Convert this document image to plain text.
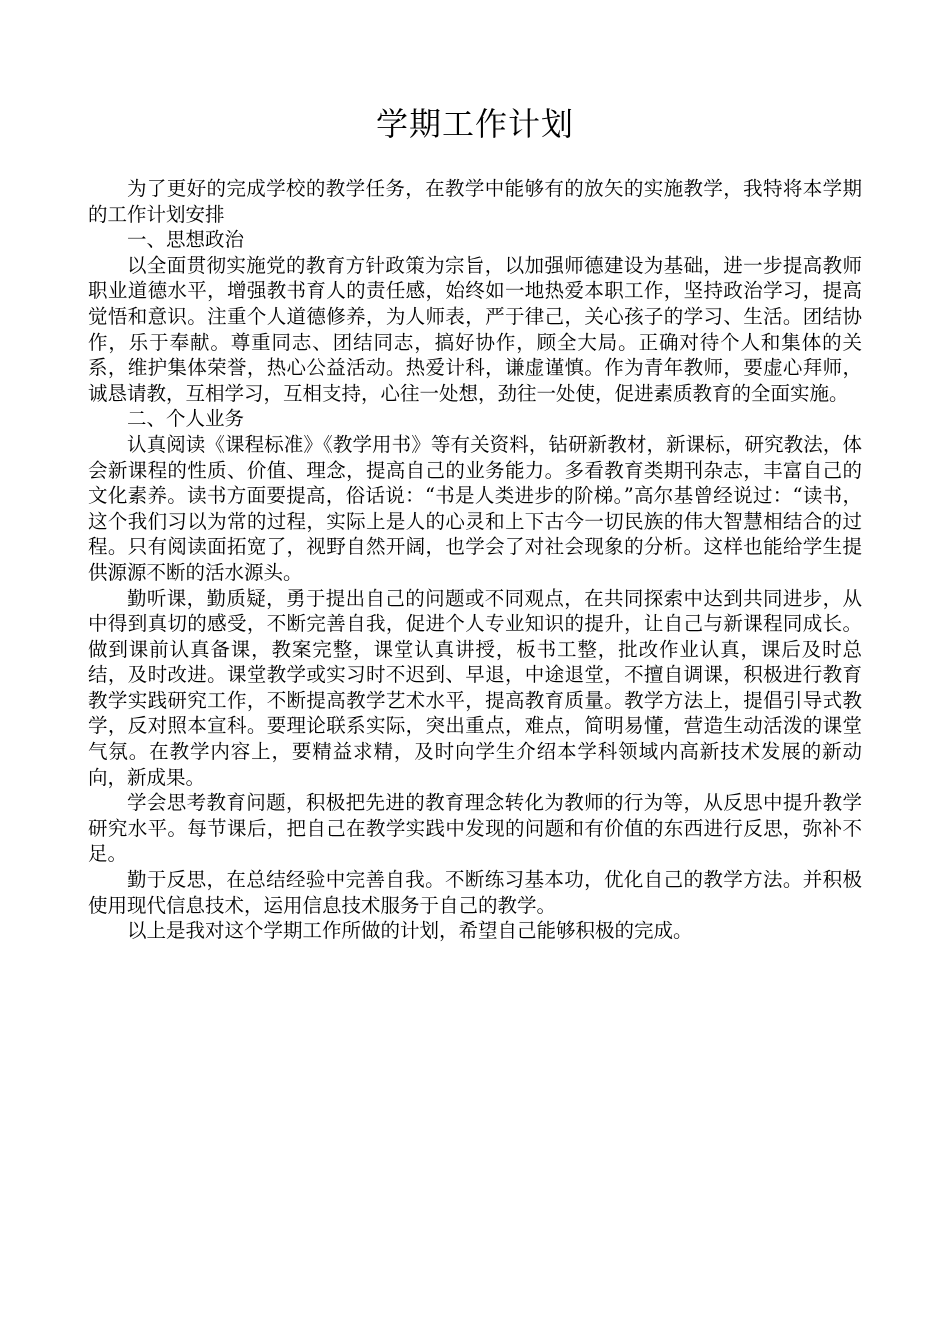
学期工作计划

为了更好的完成学校的教学任务，在教学中能够有的放矢的实施教学，我特将本学期的工作计划安排

一、思想政治

以全面贯彻实施党的教育方针政策为宗旨，以加强师德建设为基础，进一步提高教师职业道德水平，增强教书育人的责任感，始终如一地热爱本职工作，坚持政治学习，提高觉悟和意识。注重个人道德修养，为人师表，严于律己，关心孩子的学习、生活。团结协作，乐于奉献。尊重同志、团结同志，搞好协作，顾全大局。正确对待个人和集体的关系，维护集体荣誉，热心公益活动。热爱计科，谦虚谨慎。作为青年教师，要虚心拜师，诚恳请教，互相学习，互相支持，心往一处想，劲往一处使，促进素质教育的全面实施。

二、个人业务

认真阅读《课程标准》《教学用书》等有关资料，钻研新教材，新课标，研究教法，体会新课程的性质、价值、理念，提高自己的业务能力。多看教育类期刊杂志，丰富自己的文化素养。读书方面要提高，俗话说：“书是人类进步的阶梯。”高尔基曾经说过：“读书，这个我们习以为常的过程，实际上是人的心灵和上下古今一切民族的伟大智慧相结合的过程。只有阅读面拓宽了，视野自然开阔，也学会了对社会现象的分析。这样也能给学生提供源源不断的活水源头。

勤听课，勤质疑，勇于提出自己的问题或不同观点，在共同探索中达到共同进步，从中得到真切的感受，不断完善自我，促进个人专业知识的提升，让自己与新课程同成长。做到课前认真备课，教案完整，课堂认真讲授，板书工整，批改作业认真，课后及时总结，及时改进。课堂教学或实习时不迟到、早退，中途退堂，不擅自调课，积极进行教育教学实践研究工作，不断提高教学艺术水平，提高教育质量。教学方法上，提倡引导式教学，反对照本宣科。要理论联系实际，突出重点，难点，简明易懂，营造生动活泼的课堂气氛。在教学内容上，要精益求精，及时向学生介绍本学科领域内高新技术发展的新动向，新成果。

学会思考教育问题，积极把先进的教育理念转化为教师的行为等，从反思中提升教学研究水平。每节课后，把自己在教学实践中发现的问题和有价值的东西进行反思，弥补不足。

勤于反思，在总结经验中完善自我。不断练习基本功，优化自己的教学方法。并积极使用现代信息技术，运用信息技术服务于自己的教学。

以上是我对这个学期工作所做的计划，希望自己能够积极的完成。
